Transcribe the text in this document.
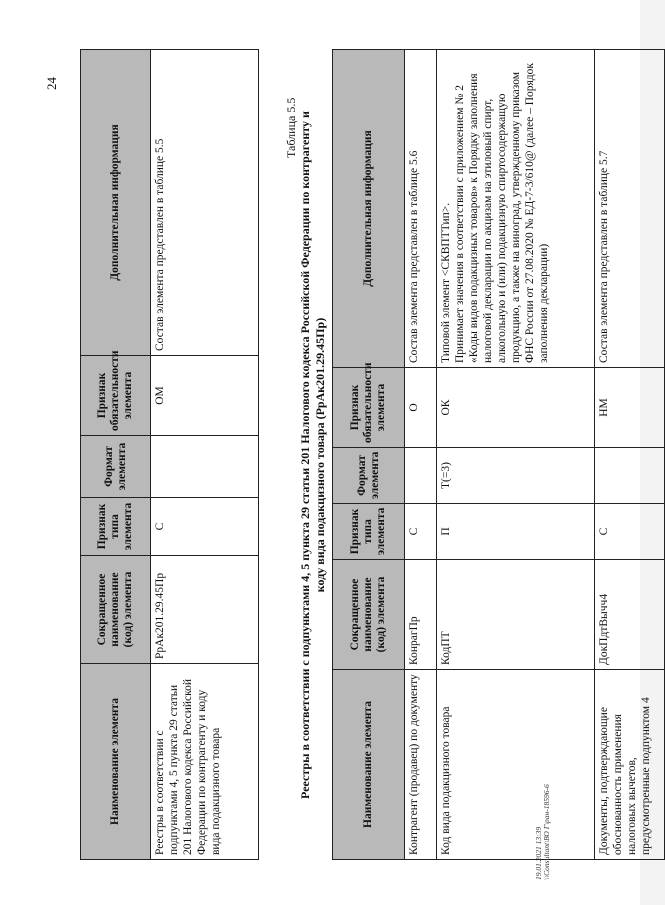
24
Наименование элемента	Сокращенное наименование (код) элемента	Признак типа элемента	Формат элемента	Признак обязательности элемента	Дополнительная информация
Реестры в соответствии с подпунктами 4, 5 пункта 29 статьи 201 Налогового кодекса Российской Федерации по контрагенту и коду вида подакцизного товара	РрАк201.29.45Пр	С		ОМ	Состав элемента представлен в таблице 5.5
Таблица 5.5 Реестры в соответствии с подпунктами 4, 5 пункта 29 статьи 201 Налогового кодекса Российской Федерации по контрагенту и коду вида подакцизного товара (РрАк201.29.45Пр)
Наименование элемента	Сокращенное наименование (код) элемента	Признак типа элемента	Формат элемента	Признак обязательности элемента	Дополнительная информация
Контрагент (продавец) по документу	КонрагПр	С		О	Состав элемента представлен в таблице 5.6
Код вида подакцизного товара	КодПТ	П	Т(=3)	ОК	Типовой элемент <СКВПТТип>.
Принимает значения в соответствии с приложением № 2 «Коды видов подакцизных товаров» к Порядку заполнения налоговой декларации по акцизам на этиловый спирт, алкогольную и (или) подакцизную спиртосодержащую продукцию, а также на виноград, утвержденному приказом ФНС России от 27.08.2020 № ЕД-7-3/610@ (далее – Порядок заполнения декларации)
Документы, подтверждающие обоснованность применения налоговых вычетов, предусмотренные подпунктом 4	ДокПдтВычч4	С		НМ	Состав элемента представлен в таблице 5.7
19.01.2021 13:39 \\Consultant\ВО Г\ран-18596-6
